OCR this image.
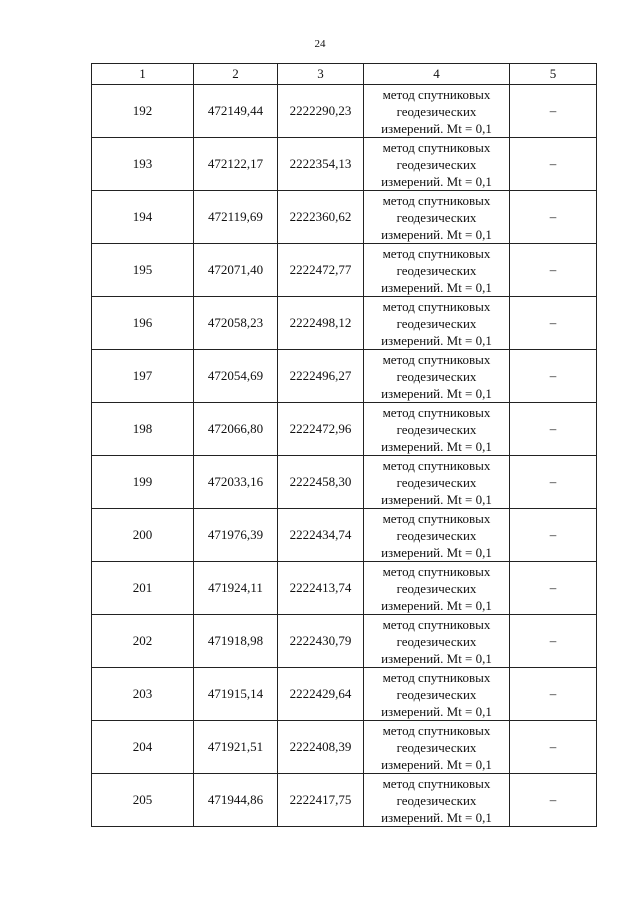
24
1	2	3	4	5
192	472149,44	2222290,23	метод спутниковых
геодезических
измерений. Mt = 0,1	–
193	472122,17	2222354,13	метод спутниковых
геодезических
измерений. Mt = 0,1	–
194	472119,69	2222360,62	метод спутниковых
геодезических
измерений. Mt = 0,1	–
195	472071,40	2222472,77	метод спутниковых
геодезических
измерений. Mt = 0,1	–
196	472058,23	2222498,12	метод спутниковых
геодезических
измерений. Mt = 0,1	–
197	472054,69	2222496,27	метод спутниковых
геодезических
измерений. Mt = 0,1	–
198	472066,80	2222472,96	метод спутниковых
геодезических
измерений. Mt = 0,1	–
199	472033,16	2222458,30	метод спутниковых
геодезических
измерений. Mt = 0,1	–
200	471976,39	2222434,74	метод спутниковых
геодезических
измерений. Mt = 0,1	–
201	471924,11	2222413,74	метод спутниковых
геодезических
измерений. Mt = 0,1	–
202	471918,98	2222430,79	метод спутниковых
геодезических
измерений. Mt = 0,1	–
203	471915,14	2222429,64	метод спутниковых
геодезических
измерений. Mt = 0,1	–
204	471921,51	2222408,39	метод спутниковых
геодезических
измерений. Mt = 0,1	–
205	471944,86	2222417,75	метод спутниковых
геодезических
измерений. Mt = 0,1	–
